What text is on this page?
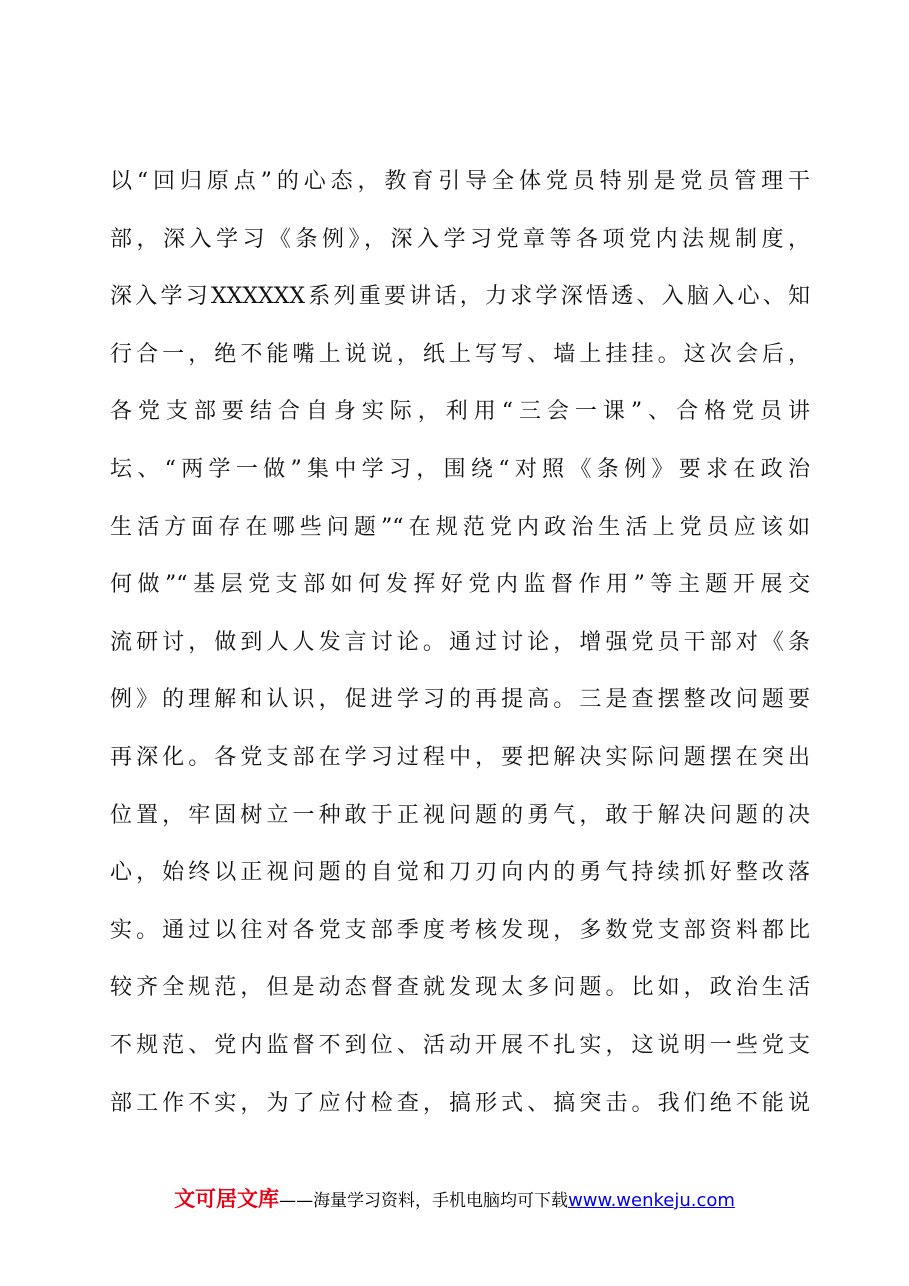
以“回归原点”的心态，教育引导全体党员特别是党员管理干
部，深入学习《条例》，深入学习党章等各项党内法规制度，
深入学习XXXXXX系列重要讲话，力求学深悟透、入脑入心、知
行合一，绝不能嘴上说说，纸上写写、墙上挂挂。这次会后，
各党支部要结合自身实际，利用“三会一课”、合格党员讲
坛、“两学一做”集中学习，围绕“对照《条例》要求在政治
生活方面存在哪些问题”“在规范党内政治生活上党员应该如
何做”“基层党支部如何发挥好党内监督作用”等主题开展交
流研讨，做到人人发言讨论。通过讨论，增强党员干部对《条
例》的理解和认识，促进学习的再提高。三是查摆整改问题要
再深化。各党支部在学习过程中，要把解决实际问题摆在突出
位置，牢固树立一种敢于正视问题的勇气，敢于解决问题的决
心，始终以正视问题的自觉和刀刃向内的勇气持续抓好整改落
实。通过以往对各党支部季度考核发现，多数党支部资料都比
较齐全规范，但是动态督查就发现太多问题。比如，政治生活
不规范、党内监督不到位、活动开展不扎实，这说明一些党支
部工作不实，为了应付检查，搞形式、搞突击。我们绝不能说
文可居文库——海量学习资料，手机电脑均可下载www.wenkeju.com
